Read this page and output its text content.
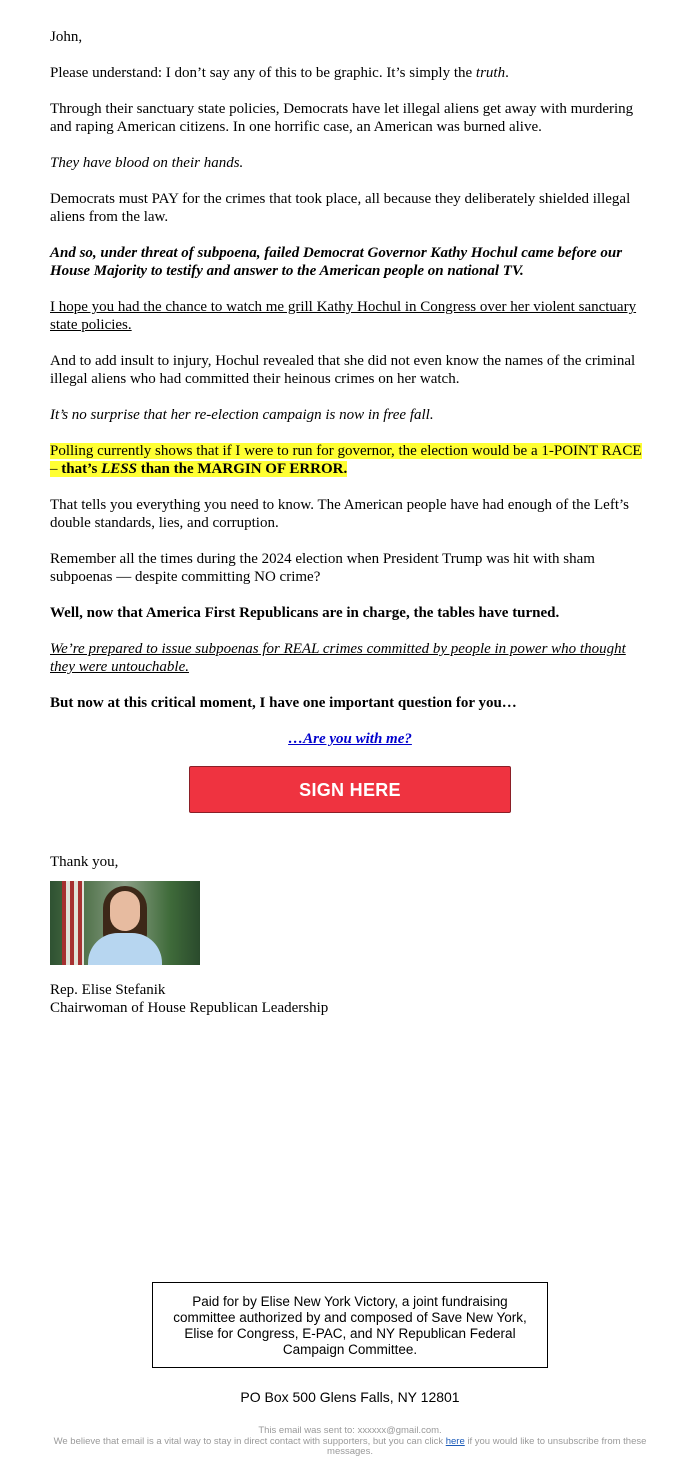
John,

Please understand: I don’t say any of this to be graphic. It’s simply the truth.

Through their sanctuary state policies, Democrats have let illegal aliens get away with murdering and raping American citizens. In one horrific case, an American was burned alive.

They have blood on their hands.

Democrats must PAY for the crimes that took place, all because they deliberately shielded illegal aliens from the law.

And so, under threat of subpoena, failed Democrat Governor Kathy Hochul came before our House Majority to testify and answer to the American people on national TV.

I hope you had the chance to watch me grill Kathy Hochul in Congress over her violent sanctuary state policies.

And to add insult to injury, Hochul revealed that she did not even know the names of the criminal illegal aliens who had committed their heinous crimes on her watch.

It’s no surprise that her re-election campaign is now in free fall.

Polling currently shows that if I were to run for governor, the election would be a 1-POINT RACE – that’s LESS than the MARGIN OF ERROR.

That tells you everything you need to know. The American people have had enough of the Left’s double standards, lies, and corruption.

Remember all the times during the 2024 election when President Trump was hit with sham subpoenas — despite committing NO crime?

Well, now that America First Republicans are in charge, the tables have turned.

We’re prepared to issue subpoenas for REAL crimes committed by people in power who thought they were untouchable.

But now at this critical moment, I have one important question for you…

…Are you with me?

SIGN HERE

Thank you,

Rep. Elise Stefanik

Chairwoman of House Republican Leadership

Paid for by Elise New York Victory, a joint fundraising committee authorized by and composed of Save New York, Elise for Congress, E-PAC, and NY Republican Federal Campaign Committee.
PO Box 500 Glens Falls, NY 12801
This email was sent to: xxxxxx@gmail.com.
We believe that email is a vital way to stay in direct contact with supporters, but you can click here if you would like to unsubscribe from these messages.
